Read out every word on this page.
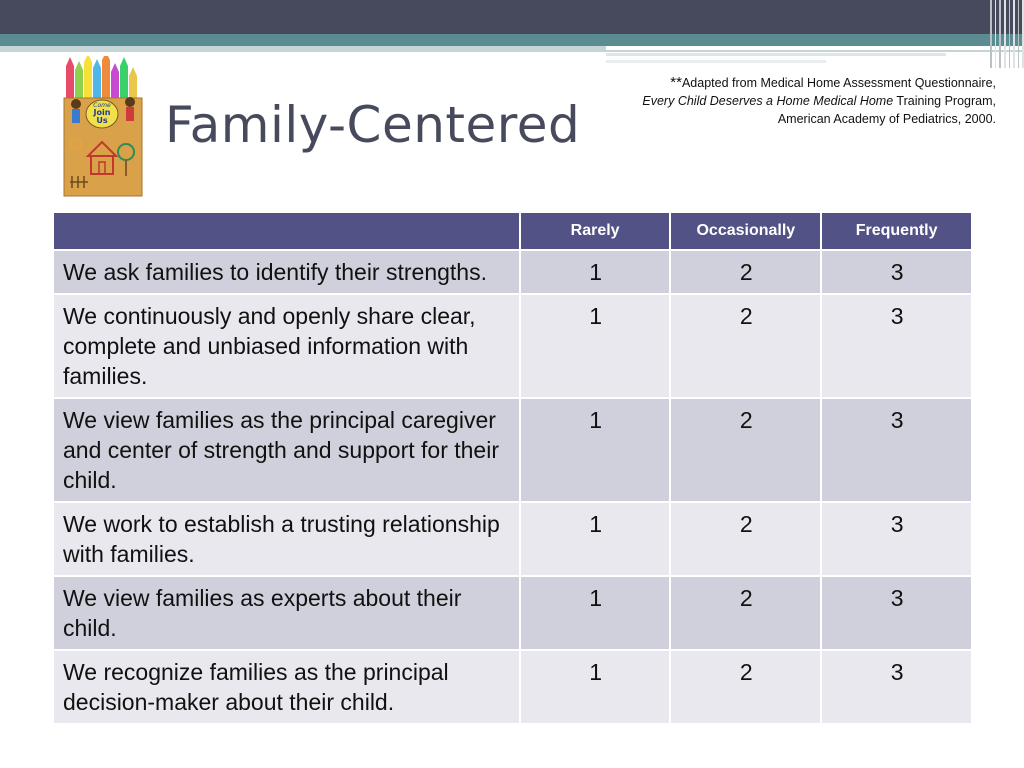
Come
Join
Us Family-Centered
**Adapted from Medical Home Assessment Questionnaire,
Every Child Deserves a Home Medical Home Training Program,
American Academy of Pediatrics, 2000.
	Rarely	Occasionally	Frequently
We ask families to identify their strengths.	1	2	3
We continuously and openly share clear, complete and unbiased information with families.	1	2	3
We view families as the principal caregiver and center of strength and support for their child.	1	2	3
We work to establish a trusting relationship with families.	1	2	3
We view families as experts about their child.	1	2	3
We recognize families as the principal decision-maker about their child.	1	2	3
